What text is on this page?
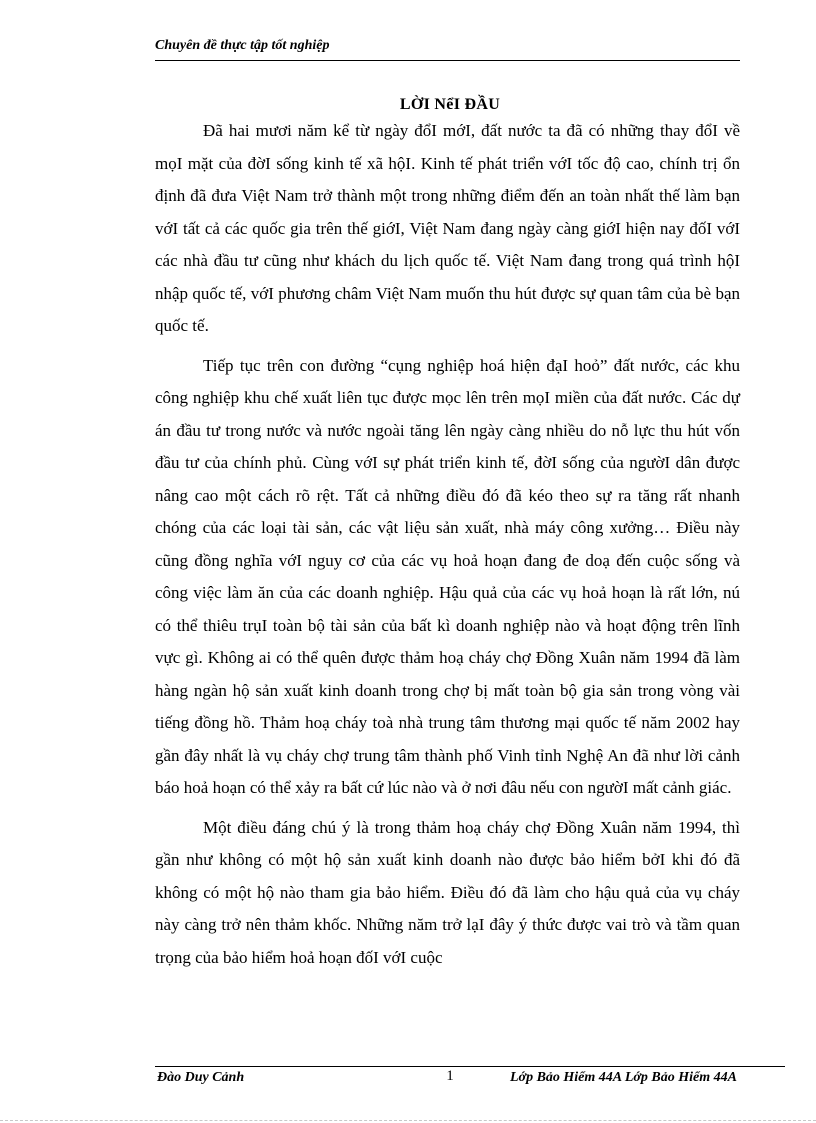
Chuyên đề thực tập tốt nghiệp
LỜI NểI ĐẦU

Đã hai mươi năm kể từ ngày đổI mớI, đất nước ta đã có những thay đổI về mọI mặt của đờI sống kinh tế xã hộI. Kinh tế phát triển vớI tốc độ cao, chính trị ổn định đã đưa Việt Nam trở thành một trong những điểm đến an toàn nhất thế làm bạn vớI tất cả các quốc gia trên thế giớI, Việt Nam đang ngày càng giớI hiện nay đốI vớI các nhà đầu tư cũng như khách du lịch quốc tế. Việt Nam đang trong quá trình hộI nhập quốc tế, vớI phương châm Việt Nam muốn thu hút được sự quan tâm của bè bạn quốc tế.

Tiếp tục trên con đường “cụng nghiệp hoá hiện đạI hoỏ” đất nước, các khu công nghiệp khu chế xuất liên tục được mọc lên trên mọI miền của đất nước. Các dự án đầu tư trong nước và nước ngoài tăng lên ngày càng nhiều do nỗ lực thu hút vốn đầu tư của chính phủ. Cùng vớI sự phát triển kinh tế, đờI sống của ngườI dân được nâng cao một cách rõ rệt. Tất cả những điều đó đã kéo theo sự ra tăng rất nhanh chóng của các loại tài sản, các vật liệu sản xuất, nhà máy công xưởng… Điều này cũng đồng nghĩa vớI nguy cơ của các vụ hoả hoạn đang đe doạ đến cuộc sống và công việc làm ăn của các doanh nghiệp. Hậu quả của các vụ hoả hoạn là rất lớn, nú có thể thiêu trụI toàn bộ tài sản của bất kì doanh nghiệp nào và hoạt động trên lĩnh vực gì. Không ai có thể quên được thảm hoạ cháy chợ Đồng Xuân năm 1994 đã làm hàng ngàn hộ sản xuất kinh doanh trong chợ bị mất toàn bộ gia sản trong vòng vài tiếng đồng hồ. Thảm hoạ cháy toà nhà trung tâm thương mại quốc tế năm 2002 hay gần đây nhất là vụ cháy chợ trung tâm thành phố Vinh tỉnh Nghệ An đã như lời cảnh báo hoả hoạn có thể xảy ra bất cứ lúc nào và ở nơi đâu nếu con ngườI mất cảnh giác.

Một điều đáng chú ý là trong thảm hoạ cháy chợ Đồng Xuân năm 1994, thì gần như không có một hộ sản xuất kinh doanh nào được bảo hiểm bởI khi đó đã không có một hộ nào tham gia bảo hiểm. Điều đó đã làm cho hậu quả của vụ cháy này càng trở nên thảm khốc. Những năm trở lạI đây ý thức được vai trò và tầm quan trọng của bảo hiểm hoả hoạn đốI vớI cuộc

Đào Duy Cảnh	1	Lớp Bảo Hiểm 44A Lớp Bảo Hiểm 44A
